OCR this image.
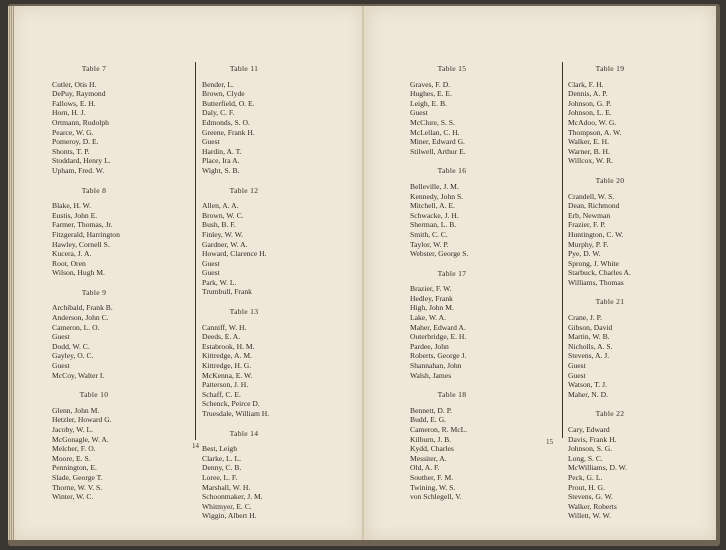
Table 7
Cutler, Otis H.
DePuy, Raymond
Fallows, E. H.
Horn, H. J.
Ortmann, Rudolph
Pearce, W. G.
Pomeroy, D. E.
Shonts, T. P.
Stoddard, Henry L.
Upham, Fred. W.
Table 8
Blake, H. W.
Eustis, John E.
Farmer, Thomas, Jr.
Fitzgerald, Harrington
Hawley, Cornell S.
Kucera, J. A.
Root, Oren
Wilson, Hugh M.
Table 9
Archibald, Frank B.
Anderson, John C.
Cameron, L. O.
Guest
Dodd, W. C.
Gayley, O. C.
Guest
McCoy, Walter I.
Table 10
Glenn, John M.
Hetzler, Howard G.
Jacoby, W. L.
McGonagle, W. A.
Melcher, F. O.
Moore, E. S.
Pennington, E.
Slade, George T.
Thorne, W. V. S.
Winter, W. C.
Table 11
Bender, L.
Brown, Clyde
Butterfield, O. E.
Daly, C. F.
Edmonds, S. O.
Greene, Frank H.
Guest
Hardin, A. T.
Place, Ira A.
Wight, S. B.
Table 12
Allen, A. A.
Brown, W. C.
Bush, B. F.
Finley, W. W.
Gardner, W. A.
Howard, Clarence H.
Guest
Guest
Park, W. L.
Trumbull, Frank
Table 13
Canniff, W. H.
Deeds, E. A.
Estabrook, H. M.
Kittredge, A. M.
Kittredge, H. G.
McKenna, E. W.
Patterson, J. H.
Schaff, C. E.
Schenck, Peirce D.
Truesdale, William H.
Table 14
Best, Leigh
Clarke, L. L.
Denny, C. B.
Loree, L. F.
Marshall, W. H.
Schoonmaker, J. M.
Whitmyer, E. C.
Wiggin, Albert H.
14
Table 15
Graves, F. D.
Hughes, E. E.
Leigh, E. B.
Guest
McClure, S. S.
McLellan, C. H.
Miner, Edward G.
Stilwell, Arthur E.
Table 16
Belleville, J. M.
Kennedy, John S.
Mitchell, A. E.
Schwacke, J. H.
Sherman, L. B.
Smith, C. C.
Taylor, W. P.
Webster, George S.
Table 17
Brazier, F. W.
Hedley, Frank
High, John M.
Lake, W. A.
Maher, Edward A.
Outerbridge, E. H.
Pardee, John
Roberts, George J.
Shannahan, John
Walsh, James
Table 18
Bennett, D. P.
Budd, E. G.
Cameron, R. McL.
Kilburn, J. B.
Kydd, Charles
Messiter, A.
Old, A. F.
Souther, F. M.
Twining, W. S.
von Schlegell, V.
Table 19
Clark, F. H.
Dennis, A. P.
Johnson, G. P.
Johnson, L. E.
McAdoo, W. G.
Thompson, A. W.
Walker, E. H.
Warner, B. H.
Willcox, W. R.
Table 20
Crandell, W. S.
Dean, Richmond
Erb, Newman
Frazier, F. P.
Huntington, C. W.
Murphy, P. F.
Pye, D. W.
Sprong, J. White
Starbuck, Charles A.
Williams, Thomas
Table 21
Crane, J. P.
Gibson, David
Martin, W. B.
Nicholls, A. S.
Stevens, A. J.
Guest
Guest
Watson, T. J.
Maher, N. D.
Table 22
Cary, Edward
Davis, Frank H.
Johnson, S. G.
Long, S. C.
McWilliams, D. W.
Peck, G. L.
Prout, H. G.
Stevens, G. W.
Walker, Roberts
Willett, W. W.
15
